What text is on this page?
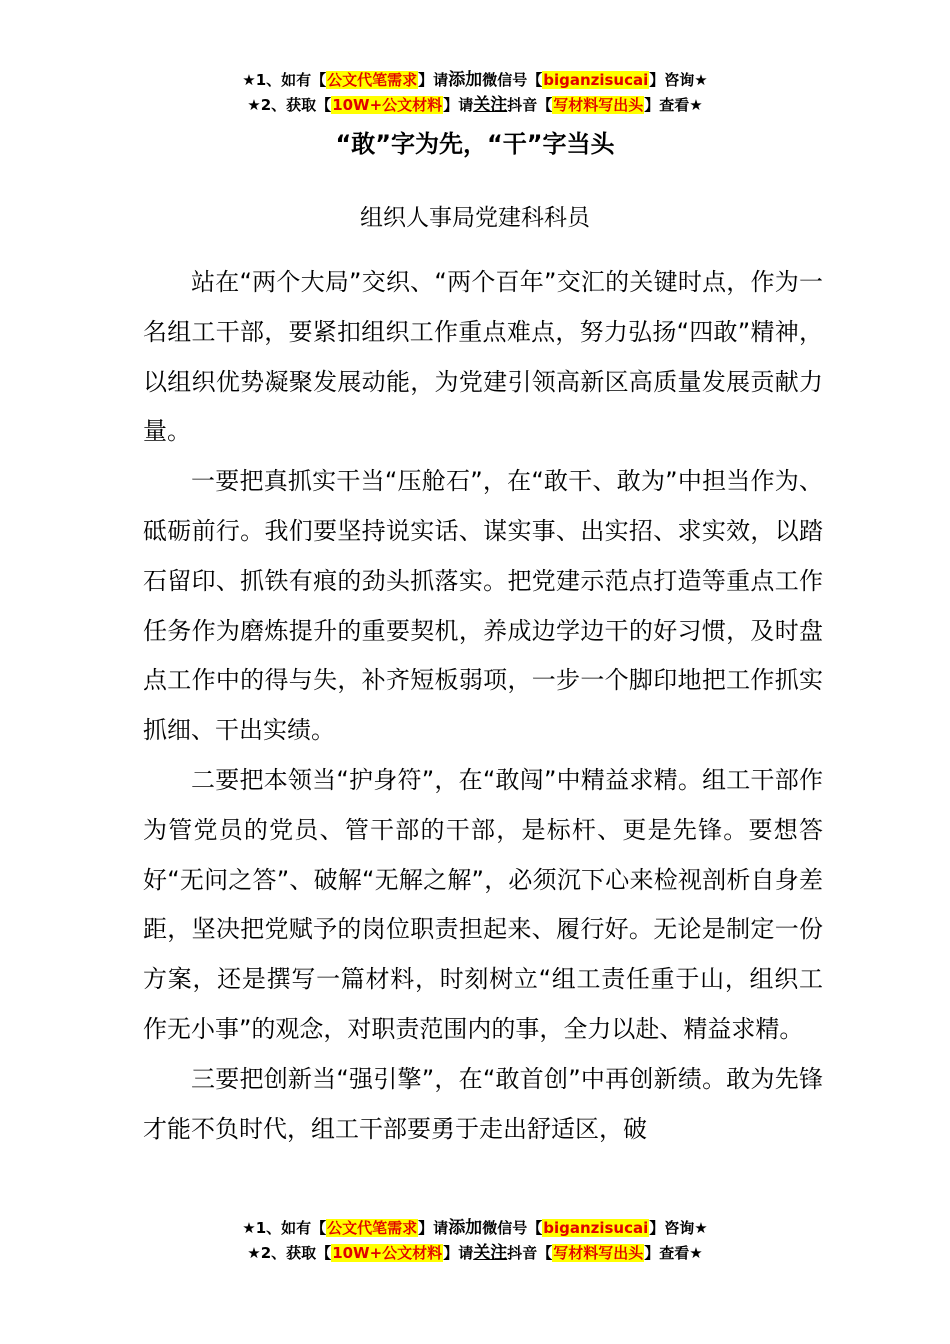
★1、如有【公文代笔需求】请添加微信号【biganzisucai】咨询★
★2、获取【10W+公文材料】请关注抖音【写材料写出头】查看★
“敢”字为先，“干”字当头
组织人事局党建科科员

站在“两个大局”交织、“两个百年”交汇的关键时点，作为一名组工干部，要紧扣组织工作重点难点，努力弘扬“四敢”精神，以组织优势凝聚发展动能，为党建引领高新区高质量发展贡献力量。

一要把真抓实干当“压舱石”，在“敢干、敢为”中担当作为、砥砺前行。我们要坚持说实话、谋实事、出实招、求实效，以踏石留印、抓铁有痕的劲头抓落实。把党建示范点打造等重点工作任务作为磨炼提升的重要契机，养成边学边干的好习惯，及时盘点工作中的得与失，补齐短板弱项，一步一个脚印地把工作抓实抓细、干出实绩。

二要把本领当“护身符”，在“敢闯”中精益求精。组工干部作为管党员的党员、管干部的干部，是标杆、更是先锋。要想答好“无问之答”、破解“无解之解”，必须沉下心来检视剖析自身差距，坚决把党赋予的岗位职责担起来、履行好。无论是制定一份方案，还是撰写一篇材料，时刻树立“组工责任重于山，组织工作无小事”的观念，对职责范围内的事，全力以赴、精益求精。

三要把创新当“强引擎”，在“敢首创”中再创新绩。敢为先锋才能不负时代，组工干部要勇于走出舒适区，破

★1、如有【公文代笔需求】请添加微信号【biganzisucai】咨询★
★2、获取【10W+公文材料】请关注抖音【写材料写出头】查看★
